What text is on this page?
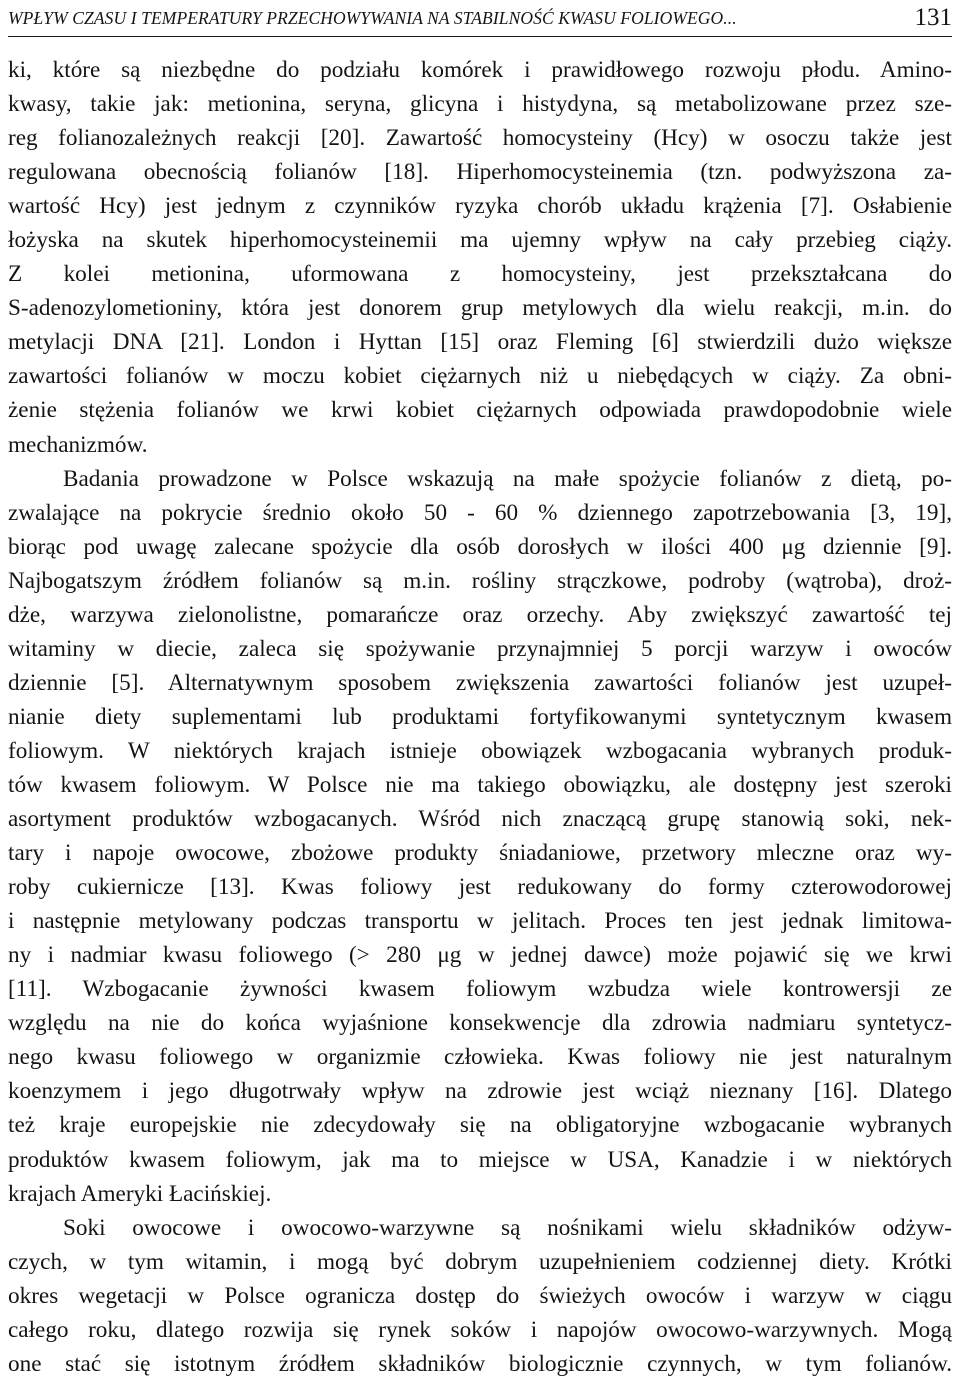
WPŁYW CZASU I TEMPERATURY PRZECHOWYWANIA NA STABILNOŚĆ KWASU FOLIOWEGO...	131
ki, które są niezbędne do podziału komórek i prawidłowego rozwoju płodu. Amino-
kwasy, takie jak: metionina, seryna, glicyna i histydyna, są metabolizowane przez sze-
reg folianozależnych reakcji [20]. Zawartość homocysteiny (Hcy) w osoczu także jest
regulowana obecnością folianów [18]. Hiperhomocysteinemia (tzn. podwyższona za-
wartość Hcy) jest jednym z czynników ryzyka chorób układu krążenia [7]. Osłabienie
łożyska na skutek hiperhomocysteinemii ma ujemny wpływ na cały przebieg ciąży.
Z kolei metionina, uformowana z homocysteiny, jest przekształcana do
S-adenozylometioniny, która jest donorem grup metylowych dla wielu reakcji, m.in. do
metylacji DNA [21]. London i Hyttan [15] oraz Fleming [6] stwierdzili dużo większe
zawartości folianów w moczu kobiet ciężarnych niż u niebędących w ciąży. Za obni-
żenie stężenia folianów we krwi kobiet ciężarnych odpowiada prawdopodobnie wiele
mechanizmów.
Badania prowadzone w Polsce wskazują na małe spożycie folianów z dietą, po-
zwalające na pokrycie średnio około 50 - 60 % dziennego zapotrzebowania [3, 19],
biorąc pod uwagę zalecane spożycie dla osób dorosłych w ilości 400 μg dziennie [9].
Najbogatszym źródłem folianów są m.in. rośliny strączkowe, podroby (wątroba), droż-
dże, warzywa zielonolistne, pomarańcze oraz orzechy. Aby zwiększyć zawartość tej
witaminy w diecie, zaleca się spożywanie przynajmniej 5 porcji warzyw i owoców
dziennie [5]. Alternatywnym sposobem zwiększenia zawartości folianów jest uzupeł-
nianie diety suplementami lub produktami fortyfikowanymi syntetycznym kwasem
foliowym. W niektórych krajach istnieje obowiązek wzbogacania wybranych produk-
tów kwasem foliowym. W Polsce nie ma takiego obowiązku, ale dostępny jest szeroki
asortyment produktów wzbogacanych. Wśród nich znaczącą grupę stanowią soki, nek-
tary i napoje owocowe, zbożowe produkty śniadaniowe, przetwory mleczne oraz wy-
roby cukiernicze [13]. Kwas foliowy jest redukowany do formy czterowodorowej
i następnie metylowany podczas transportu w jelitach. Proces ten jest jednak limitowa-
ny i nadmiar kwasu foliowego (> 280 μg w jednej dawce) może pojawić się we krwi
[11]. Wzbogacanie żywności kwasem foliowym wzbudza wiele kontrowersji ze
względu na nie do końca wyjaśnione konsekwencje dla zdrowia nadmiaru syntetycz-
nego kwasu foliowego w organizmie człowieka. Kwas foliowy nie jest naturalnym
koenzymem i jego długotrwały wpływ na zdrowie jest wciąż nieznany [16]. Dlatego
też kraje europejskie nie zdecydowały się na obligatoryjne wzbogacanie wybranych
produktów kwasem foliowym, jak ma to miejsce w USA, Kanadzie i w niektórych
krajach Ameryki Łacińskiej.
Soki owocowe i owocowo-warzywne są nośnikami wielu składników odżyw-
czych, w tym witamin, i mogą być dobrym uzupełnieniem codziennej diety. Krótki
okres wegetacji w Polsce ogranicza dostęp do świeżych owoców i warzyw w ciągu
całego roku, dlatego rozwija się rynek soków i napojów owocowo-warzywnych. Mogą
one stać się istotnym źródłem składników biologicznie czynnych, w tym folianów.
